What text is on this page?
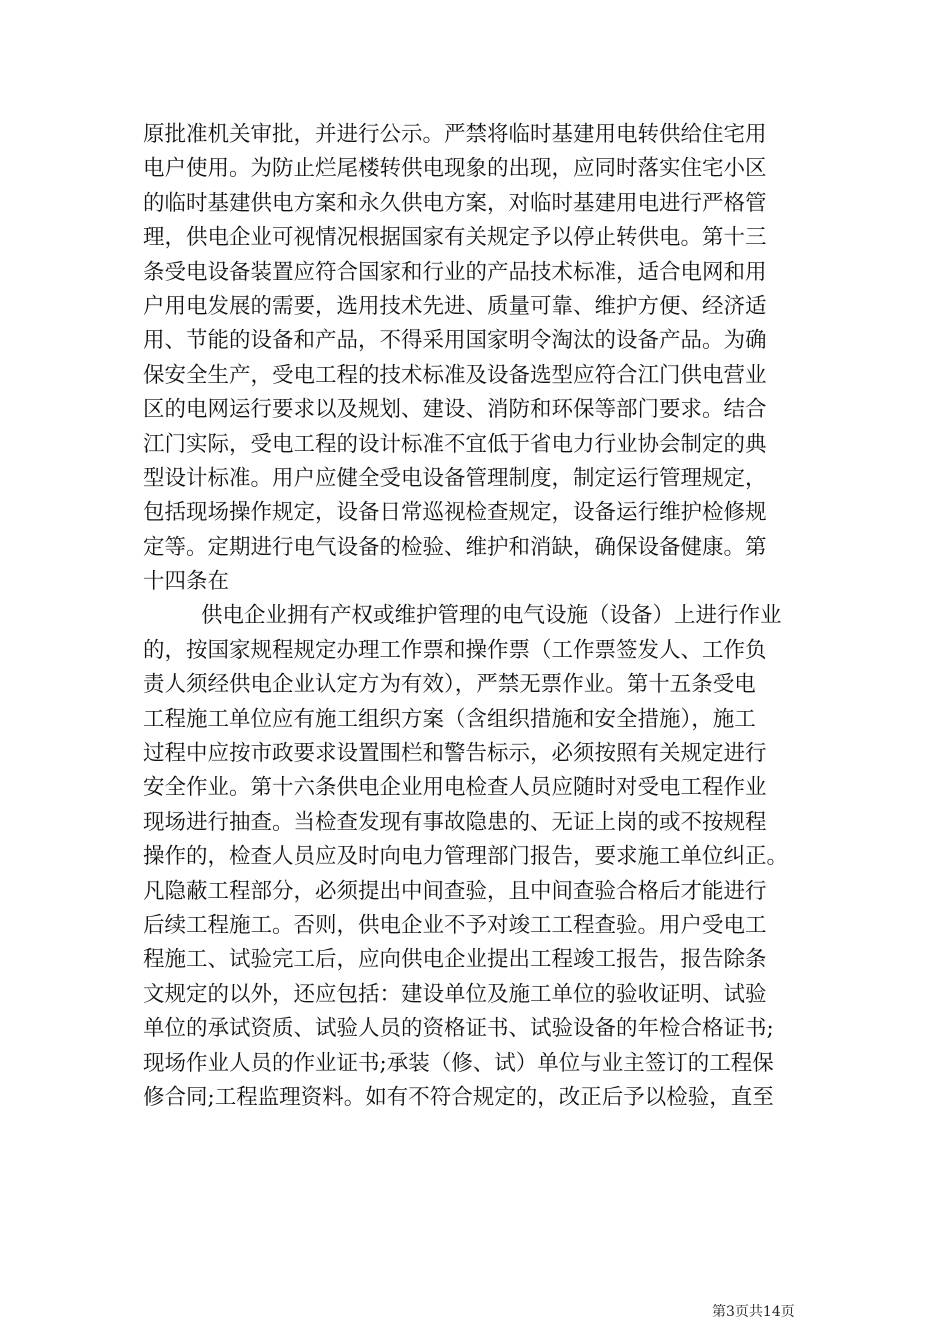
原批准机关审批，并进行公示。严禁将临时基建用电转供给住宅用
电户使用。为防止烂尾楼转供电现象的出现，应同时落实住宅小区
的临时基建供电方案和永久供电方案，对临时基建用电进行严格管
理，供电企业可视情况根据国家有关规定予以停止转供电。第十三
条受电设备装置应符合国家和行业的产品技术标准，适合电网和用
户用电发展的需要，选用技术先进、质量可靠、维护方便、经济适
用、节能的设备和产品，不得采用国家明令淘汰的设备产品。为确
保安全生产，受电工程的技术标准及设备选型应符合江门供电营业
区的电网运行要求以及规划、建设、消防和环保等部门要求。结合
江门实际，受电工程的设计标准不宜低于省电力行业协会制定的典
型设计标准。用户应健全受电设备管理制度，制定运行管理规定，
包括现场操作规定，设备日常巡视检查规定，设备运行维护检修规
定等。定期进行电气设备的检验、维护和消缺，确保设备健康。第
十四条在
供电企业拥有产权或维护管理的电气设施（设备）上进行作业
的，按国家规程规定办理工作票和操作票（工作票签发人、工作负
责人须经供电企业认定方为有效），严禁无票作业。第十五条受电
工程施工单位应有施工组织方案（含组织措施和安全措施），施工
过程中应按市政要求设置围栏和警告标示，必须按照有关规定进行
安全作业。第十六条供电企业用电检查人员应随时对受电工程作业
现场进行抽查。当检查发现有事故隐患的、无证上岗的或不按规程
操作的，检查人员应及时向电力管理部门报告，要求施工单位纠正。
凡隐蔽工程部分，必须提出中间查验，且中间查验合格后才能进行
后续工程施工。否则，供电企业不予对竣工工程查验。用户受电工
程施工、试验完工后，应向供电企业提出工程竣工报告，报告除条
文规定的以外，还应包括：建设单位及施工单位的验收证明、试验
单位的承试资质、试验人员的资格证书、试验设备的年检合格证书;
现场作业人员的作业证书;承装（修、试）单位与业主签订的工程保
修合同;工程监理资料。如有不符合规定的，改正后予以检验，直至
第3页共14页
